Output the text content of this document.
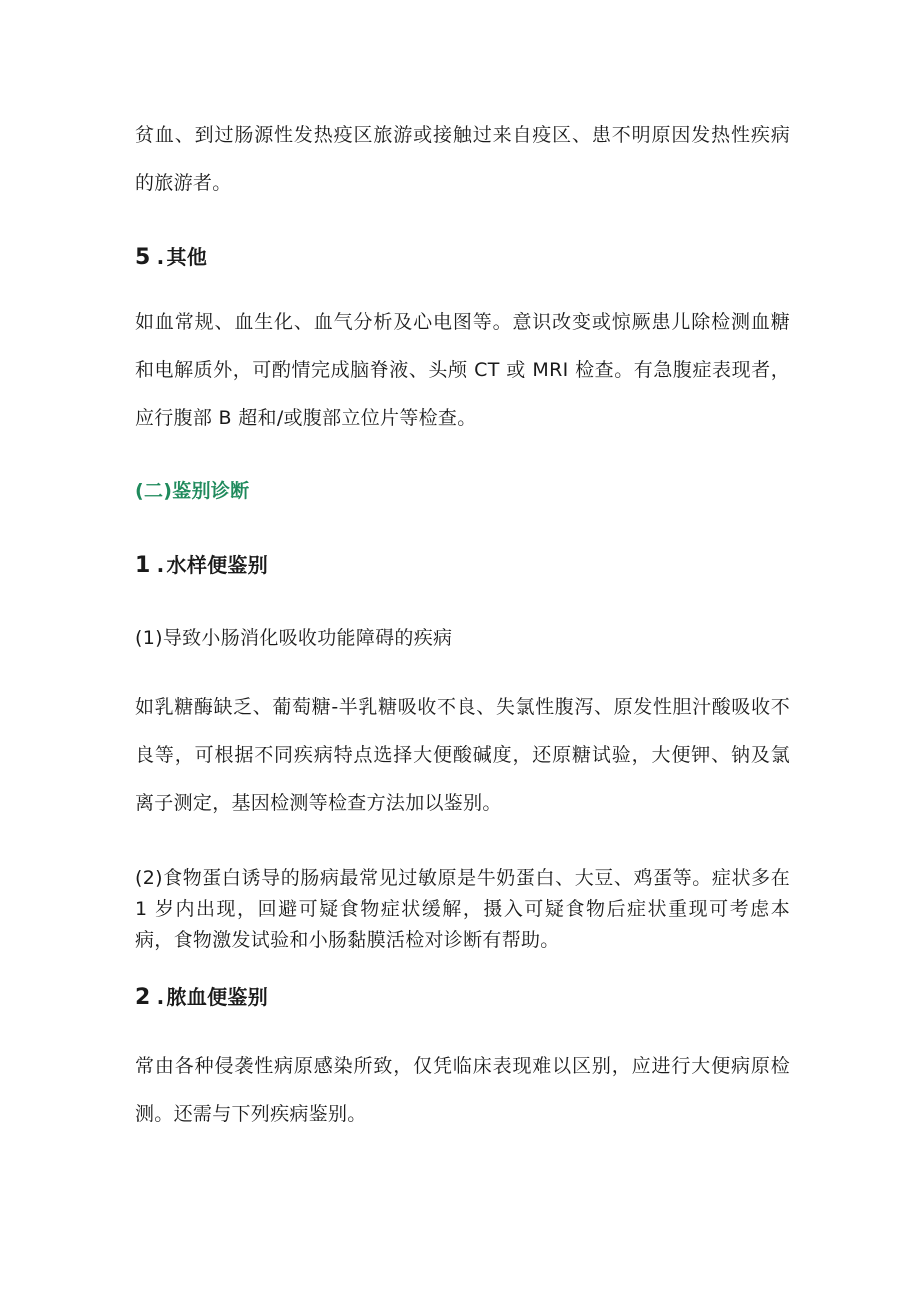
贫血、到过肠源性发热疫区旅游或接触过来自疫区、患不明原因发热性疾病的旅游者。

5 . 其他

如血常规、血生化、血气分析及心电图等。意识改变或惊厥患儿除检测血糖和电解质外，可酌情完成脑脊液、头颅 CT 或 MRI 检查。有急腹症表现者，应行腹部 B 超和/或腹部立位片等检查。

(二)鉴别诊断
1 . 水样便鉴别

(1)导致小肠消化吸收功能障碍的疾病

如乳糖酶缺乏、葡萄糖-半乳糖吸收不良、失氯性腹泻、原发性胆汁酸吸收不良等，可根据不同疾病特点选择大便酸碱度，还原糖试验，大便钾、钠及氯离子测定，基因检测等检查方法加以鉴别。

(2)食物蛋白诱导的肠病最常见过敏原是牛奶蛋白、大豆、鸡蛋等。症状多在 1 岁内出现，回避可疑食物症状缓解，摄入可疑食物后症状重现可考虑本病，食物激发试验和小肠黏膜活检对诊断有帮助。

2 . 脓血便鉴别

常由各种侵袭性病原感染所致，仅凭临床表现难以区别，应进行大便病原检测。还需与下列疾病鉴别。
